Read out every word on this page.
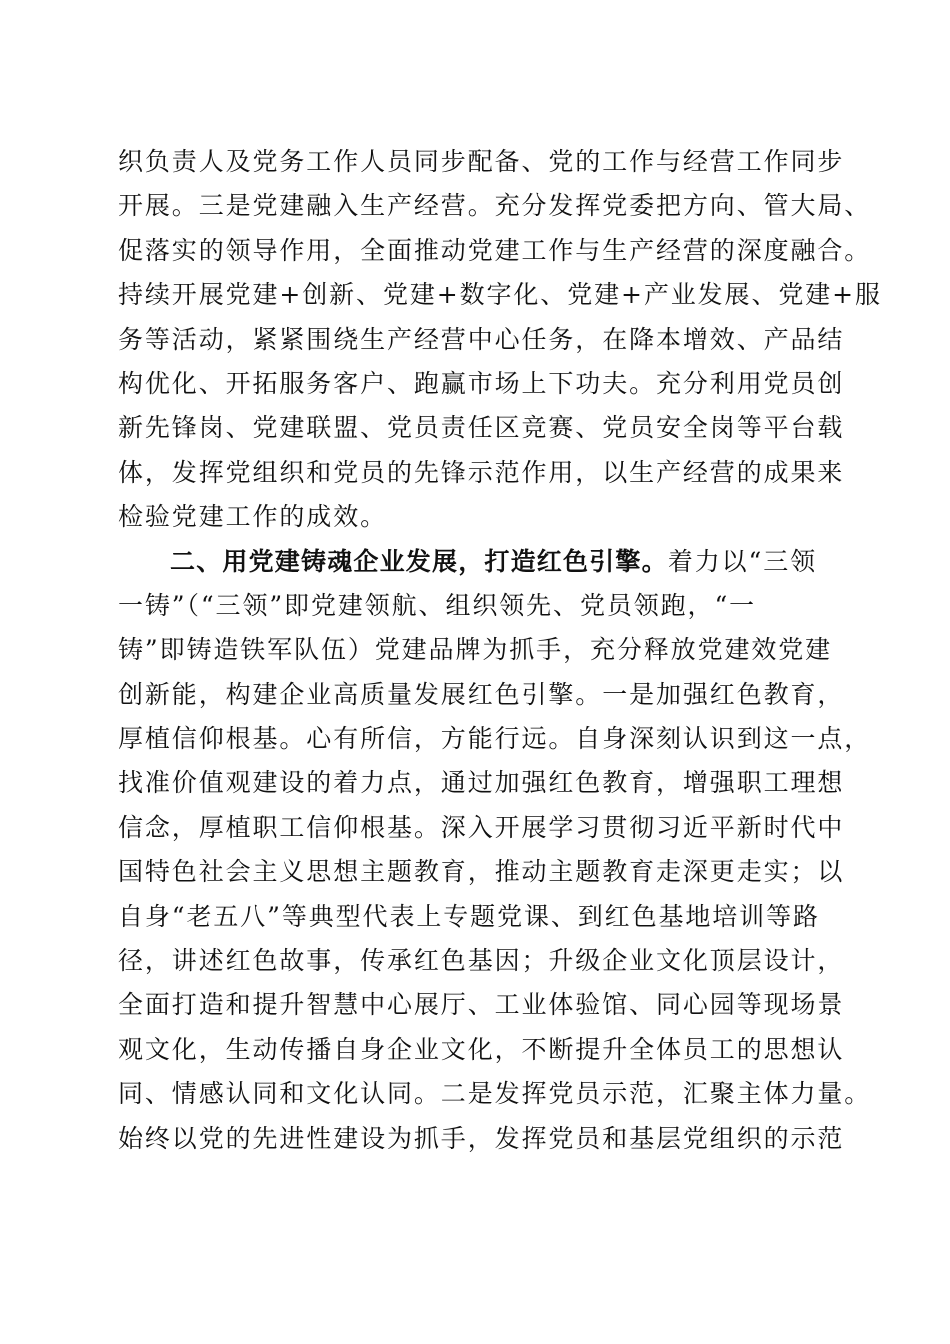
织负责人及党务工作人员同步配备、党的工作与经营工作同步
开展。三是党建融入生产经营。充分发挥党委把方向、管大局、
促落实的领导作用，全面推动党建工作与生产经营的深度融合。
持续开展党建+创新、党建+数字化、党建+产业发展、党建+服
务等活动，紧紧围绕生产经营中心任务，在降本增效、产品结
构优化、开拓服务客户、跑赢市场上下功夫。充分利用党员创
新先锋岗、党建联盟、党员责任区竞赛、党员安全岗等平台载
体，发挥党组织和党员的先锋示范作用，以生产经营的成果来
检验党建工作的成效。
二、用党建铸魂企业发展，打造红色引擎。着力以“三领
一铸”（“三领”即党建领航、组织领先、党员领跑，“一
铸”即铸造铁军队伍）党建品牌为抓手，充分释放党建效党建
创新能，构建企业高质量发展红色引擎。一是加强红色教育，
厚植信仰根基。心有所信，方能行远。自身深刻认识到这一点，
找准价值观建设的着力点，通过加强红色教育，增强职工理想
信念，厚植职工信仰根基。深入开展学习贯彻习近平新时代中
国特色社会主义思想主题教育，推动主题教育走深更走实；以
自身“老五八”等典型代表上专题党课、到红色基地培训等路
径，讲述红色故事，传承红色基因；升级企业文化顶层设计，
全面打造和提升智慧中心展厅、工业体验馆、同心园等现场景
观文化，生动传播自身企业文化，不断提升全体员工的思想认
同、情感认同和文化认同。二是发挥党员示范，汇聚主体力量。
始终以党的先进性建设为抓手，发挥党员和基层党组织的示范
